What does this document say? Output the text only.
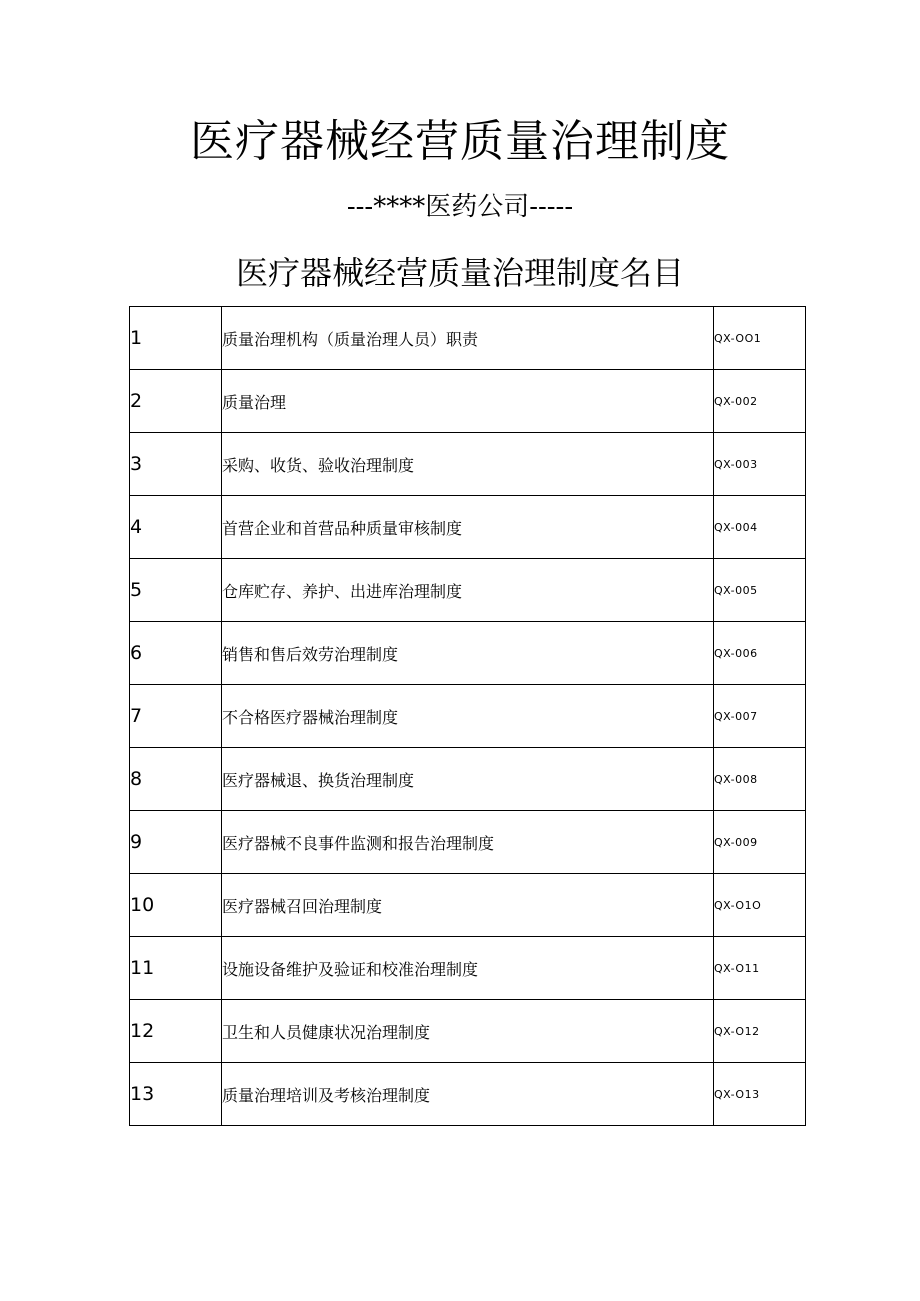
医疗器械经营质量治理制度
---****医药公司-----
医疗器械经营质量治理制度名目
1	质量治理机构（质量治理人员）职责	QX-OO1
2	质量治理	QX-002
3	采购、收货、验收治理制度	QX-003
4	首营企业和首营品种质量审核制度	QX-004
5	仓库贮存、养护、出进库治理制度	QX-005
6	销售和售后效劳治理制度	QX-006
7	不合格医疗器械治理制度	QX-007
8	医疗器械退、换货治理制度	QX-008
9	医疗器械不良事件监测和报告治理制度	QX-009
10	医疗器械召回治理制度	QX-O1O
11	设施设备维护及验证和校准治理制度	QX-O11
12	卫生和人员健康状况治理制度	QX-O12
13	质量治理培训及考核治理制度	QX-O13
